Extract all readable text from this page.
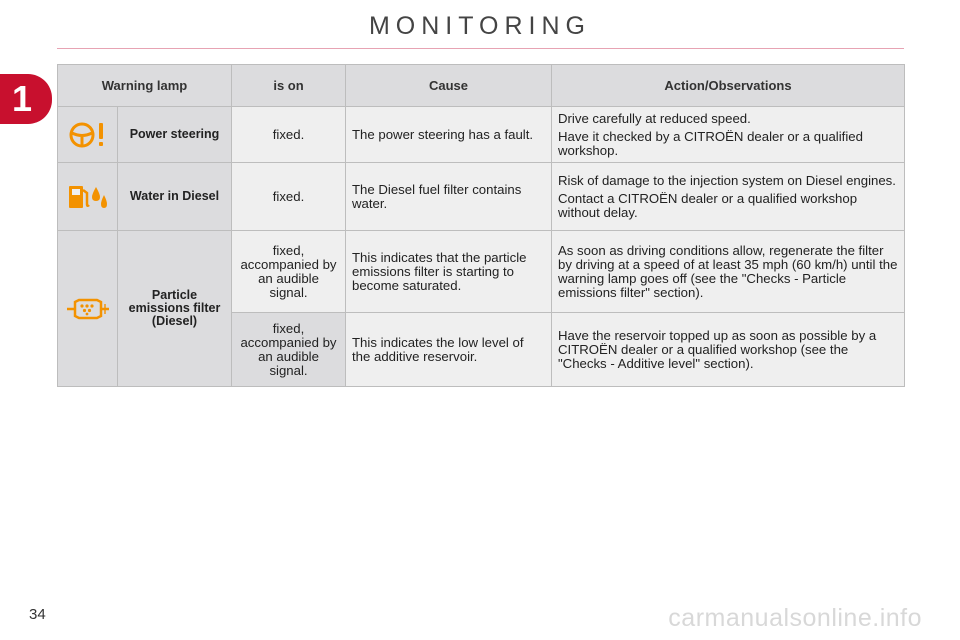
MONITORING
1	Warning lamp		is on	Cause	Action/Observations

	Power steering	fixed.	The power steering has a fault.	Drive carefully at reduced speed.

Have it checked by a CITROËN dealer or a qualified workshop.

	Water in Diesel	fixed.	The Diesel fuel filter contains water.	Risk of damage to the injection system on Diesel engines.

Contact a CITROËN dealer or a qualified workshop without delay.

	Particle emissions filter (Diesel)	fixed, accompanied by an audible signal.	This indicates that the particle emissions filter is starting to become saturated.	As soon as driving conditions allow, regenerate the filter by driving at a speed of at least 35 mph (60 km/h) until the warning lamp goes off (see the "Checks - Particle emissions filter" section).

		fixed, accompanied by an audible signal.	This indicates the low level of the additive reservoir.	Have the reservoir topped up as soon as possible by a CITROËN dealer or a qualified workshop (see the "Checks - Additive level" section).

34	carmanualsonline.info
